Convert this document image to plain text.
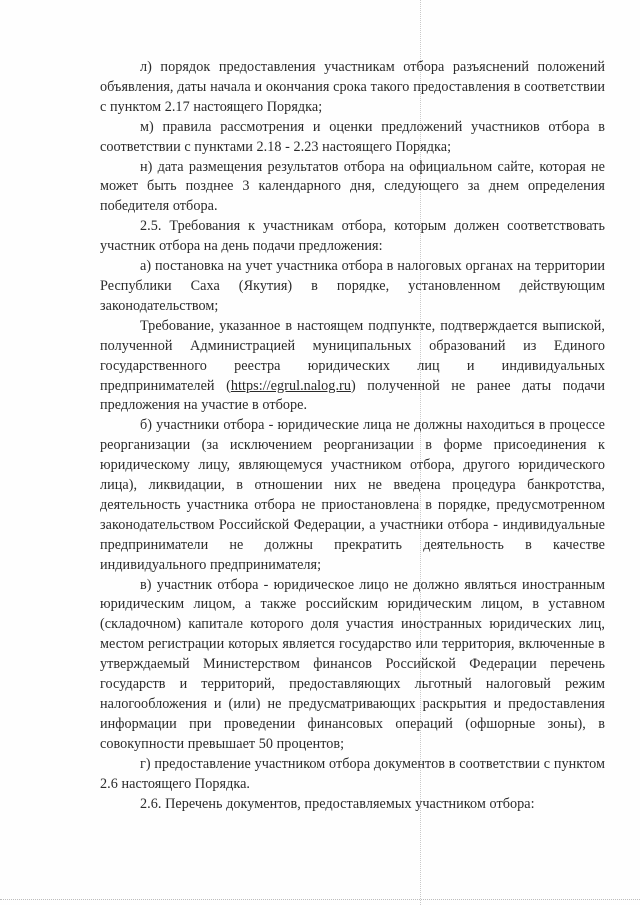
л) порядок предоставления участникам отбора разъяснений положений объявления, даты начала и окончания срока такого предоставления в соответствии с пунктом 2.17 настоящего Порядка;

м) правила рассмотрения и оценки предложений участников отбора в соответствии с пунктами 2.18 - 2.23 настоящего Порядка;

н) дата размещения результатов отбора на официальном сайте, которая не может быть позднее 3 календарного дня, следующего за днем определения победителя отбора.

2.5. Требования к участникам отбора, которым должен соответствовать участник отбора на день подачи предложения:

а) постановка на учет участника отбора в налоговых органах на территории Республики Саха (Якутия) в порядке, установленном действующим законодательством;

Требование, указанное в настоящем подпункте, подтверждается выпиской, полученной Администрацией муниципальных образований из Единого государственного реестра юридических лиц и индивидуальных предпринимателей (https://egrul.nalog.ru) полученной не ранее даты подачи предложения на участие в отборе.

б) участники отбора - юридические лица не должны находиться в процессе реорганизации (за исключением реорганизации в форме присоединения к юридическому лицу, являющемуся участником отбора, другого юридического лица), ликвидации, в отношении них не введена процедура банкротства, деятельность участника отбора не приостановлена в порядке, предусмотренном законодательством Российской Федерации, а участники отбора - индивидуальные предприниматели не должны прекратить деятельность в качестве индивидуального предпринимателя;

в) участник отбора - юридическое лицо не должно являться иностранным юридическим лицом, а также российским юридическим лицом, в уставном (складочном) капитале которого доля участия иностранных юридических лиц, местом регистрации которых является государство или территория, включенные в утверждаемый Министерством финансов Российской Федерации перечень государств и территорий, предоставляющих льготный налоговый режим налогообложения и (или) не предусматривающих раскрытия и предоставления информации при проведении финансовых операций (офшорные зоны), в совокупности превышает 50 процентов;

г) предоставление участником отбора документов в соответствии с пунктом 2.6 настоящего Порядка.

2.6. Перечень документов, предоставляемых участником отбора:
